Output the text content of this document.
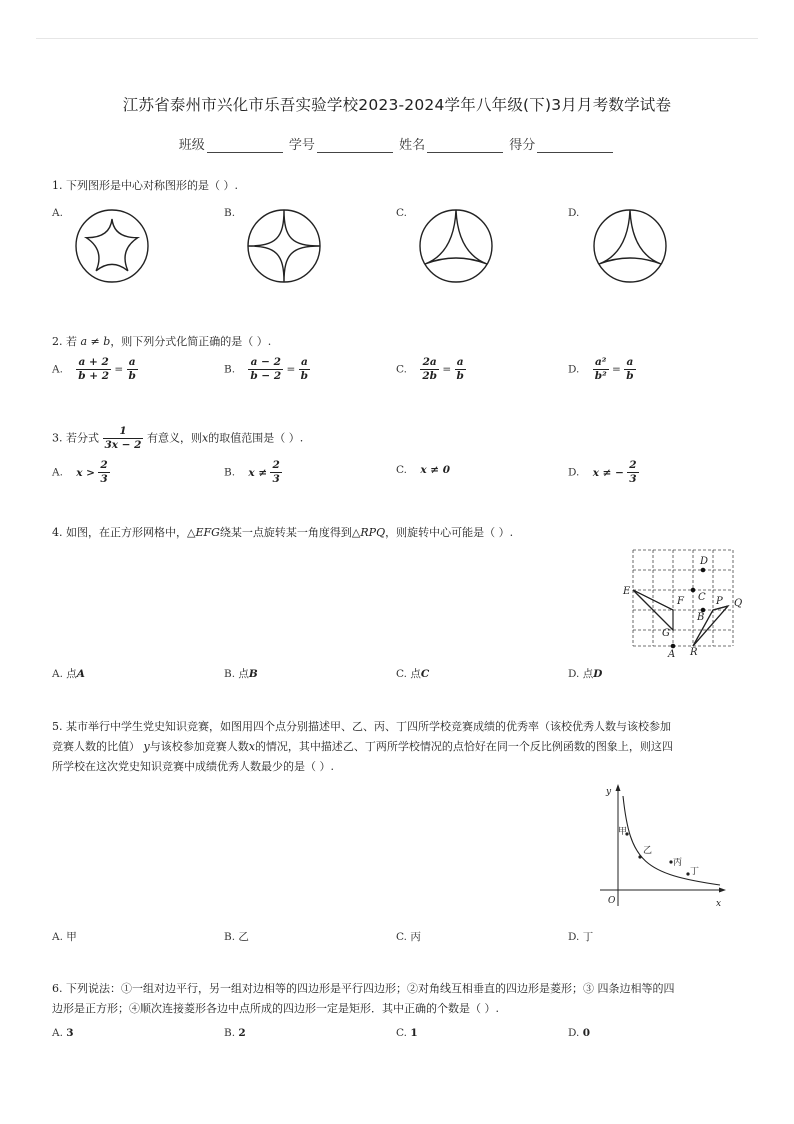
江苏省泰州市兴化市乐吾实验学校2023-2024学年八年级(下)3月月考数学试卷
班级	学号	姓名	得分
1. 下列图形是中心对称图形的是（ ）.
A.	B.	C.	D.
2. 若 a ≠ b，则下列分式化简正确的是（ ）.
A. $\frac{a + 2}{b + 2} = \frac{a}{b}$	B. $\frac{a - 2}{b - 2} = \frac{a}{b}$	C. $\frac{2a}{2b} = \frac{a}{b}$	D. $\frac{\text{a²}}{\text{b²}} = \frac{a}{b}$
3. 若分式 $\frac{1}{3x - 2}$ 有意义，则x的取值范围是（ ）.
A. $x > \frac{2}{3}$	B. $x \ne \frac{2}{3}$	C. x ≠ 0	D. x ≠ − $\frac{2}{3}$
4. 如图，在正方形网格中，△EFG绕某一点旋转某一角度得到△RPQ，则旋转中心可能是（ ）.
D
E
F C P Q
B
G
A R
A. 点A	B. 点B	C. 点C	D. 点D
5. 某市举行中学生党史知识竞赛，如图用四个点分别描述甲、乙、丙、丁四所学校竞赛成绩的优秀率（该校优秀人数与该校参加
竞赛人数的比值） y与该校参加竞赛人数x的情况，其中描述乙、丁两所学校情况的点恰好在同一个反比例函数的图象上，则这四
所学校在这次党史知识竞赛中成绩优秀人数最少的是（ ）.
y
x
O
甲
乙
丙
丁
A. 甲	B. 乙	C. 丙	D. 丁
6. 下列说法：①一组对边平行，另一组对边相等的四边形是平行四边形；②对角线互相垂直的四边形是菱形；③ 四条边相等的四
边形是正方形；④顺次连接菱形各边中点所成的四边形一定是矩形．其中正确的个数是（ ）.
A. 3	B. 2	C. 1	D. 0
